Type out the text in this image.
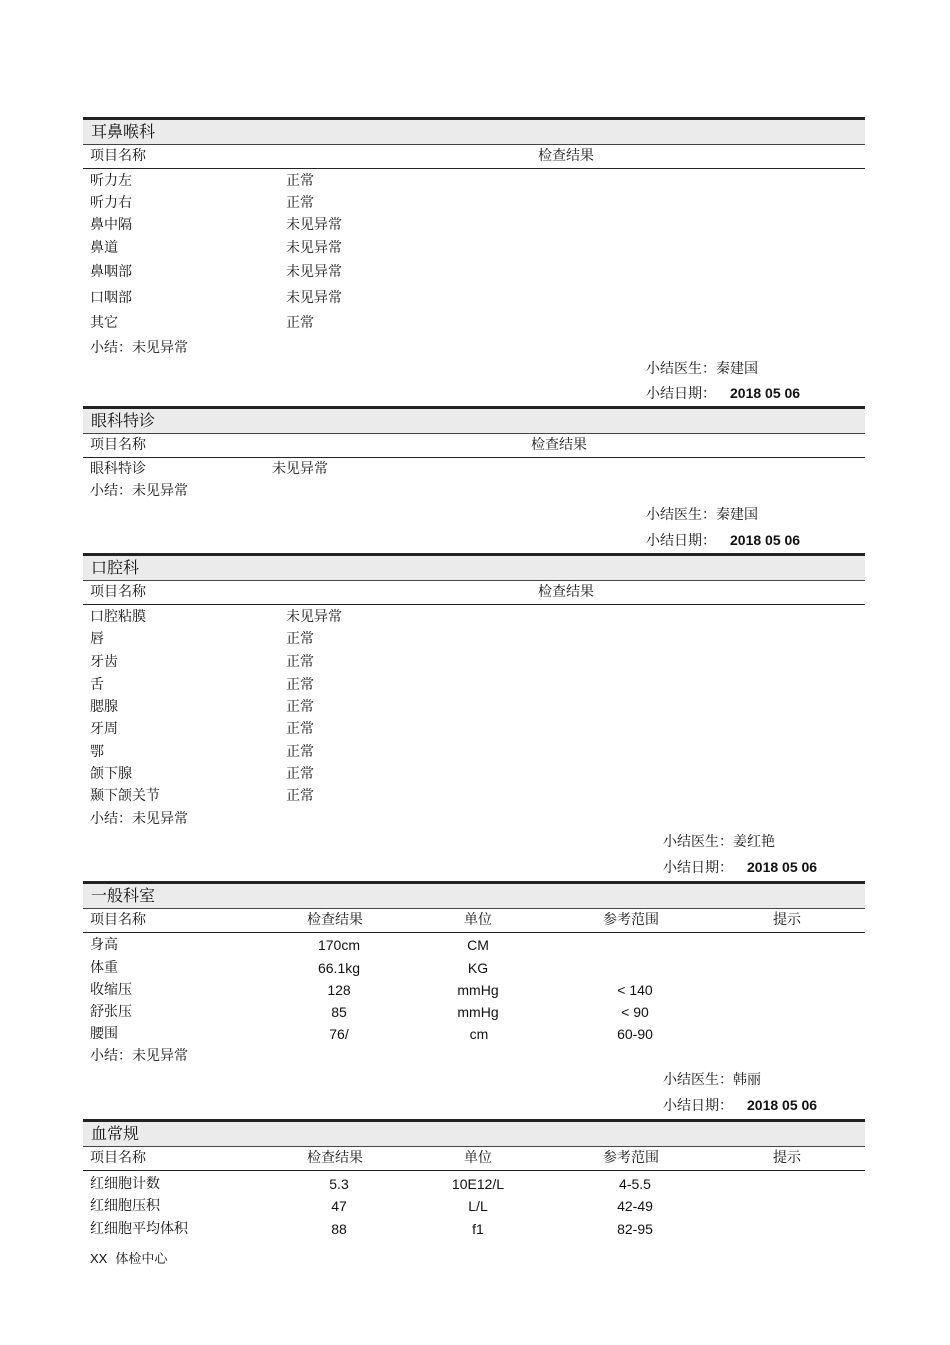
耳鼻喉科
项目名称	检查结果
听力左	正常
听力右	正常
鼻中隔	未见异常
鼻道	未见异常
鼻咽部	未见异常
口咽部	未见异常
其它	正常
小结：未见异常
小结医生：秦建国
小结日期： 2018 05 06
眼科特诊
项目名称	检查结果
眼科特诊	未见异常
小结：未见异常
小结医生：秦建国
小结日期： 2018 05 06
口腔科
项目名称	检查结果
口腔粘膜	未见异常
唇	正常
牙齿	正常
舌	正常
腮腺	正常
牙周	正常
鄂	正常
颌下腺	正常
颞下颌关节	正常
小结：未见异常
小结医生：姜红艳
小结日期： 2018 05 06
一般科室
项目名称	检查结果	单位	参考范围	提示
身高	170cm	CM
体重	66.1kg	KG
收缩压	128	mmHg	< 140
舒张压	85	mmHg	< 90
腰围	76/	cm	60-90
小结：未见异常
小结医生：韩丽
小结日期： 2018 05 06
血常规
项目名称	检查结果	单位	参考范围	提示
红细胞计数	5.3	10E12/L	4-5.5
红细胞压积	47	L/L	42-49
红细胞平均体积	88	f1	82-95
XX 体检中心
